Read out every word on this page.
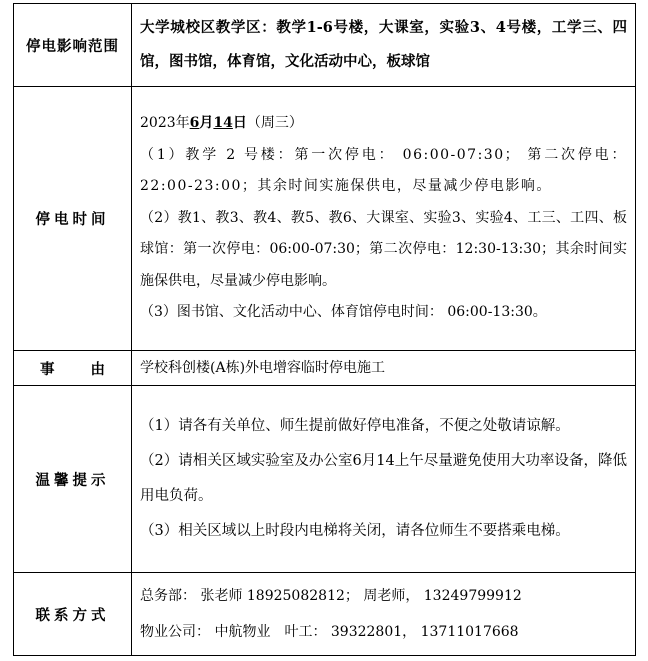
停电影响范围	大学城校区教学区：教学1-6号楼，大课室，实验3、4号楼，工学三、四馆，图书馆，体育馆，文化活动中心，板球馆
停电时间	2023年6月14日（周三）
（1）教学 2 号楼：第一次停电： 06:00-07:30； 第二次停电： 22:00-23:00；其余时间实施保供电，尽量减少停电影响。
（2）教1、教3、教4、教5、教6、大课室、实验3、实验4、工三、工四、板球馆：第一次停电：06:00-07:30；第二次停电：12:30-13:30；其余时间实施保供电，尽量减少停电影响。
（3）图书馆、文化活动中心、体育馆停电时间： 06:00-13:30。

事 由	学校科创楼(A栋)外电增容临时停电施工
温馨提示	（1）请各有关单位、师生提前做好停电准备，不便之处敬请谅解。
（2）请相关区域实验室及办公室6月14上午尽量避免使用大功率设备，降低用电负荷。
（3）相关区域以上时段内电梯将关闭，请各位师生不要搭乘电梯。

联系方式	总务部： 张老师 18925082812； 周老师， 13249799912
物业公司： 中航物业　叶工： 39322801， 13711017668
